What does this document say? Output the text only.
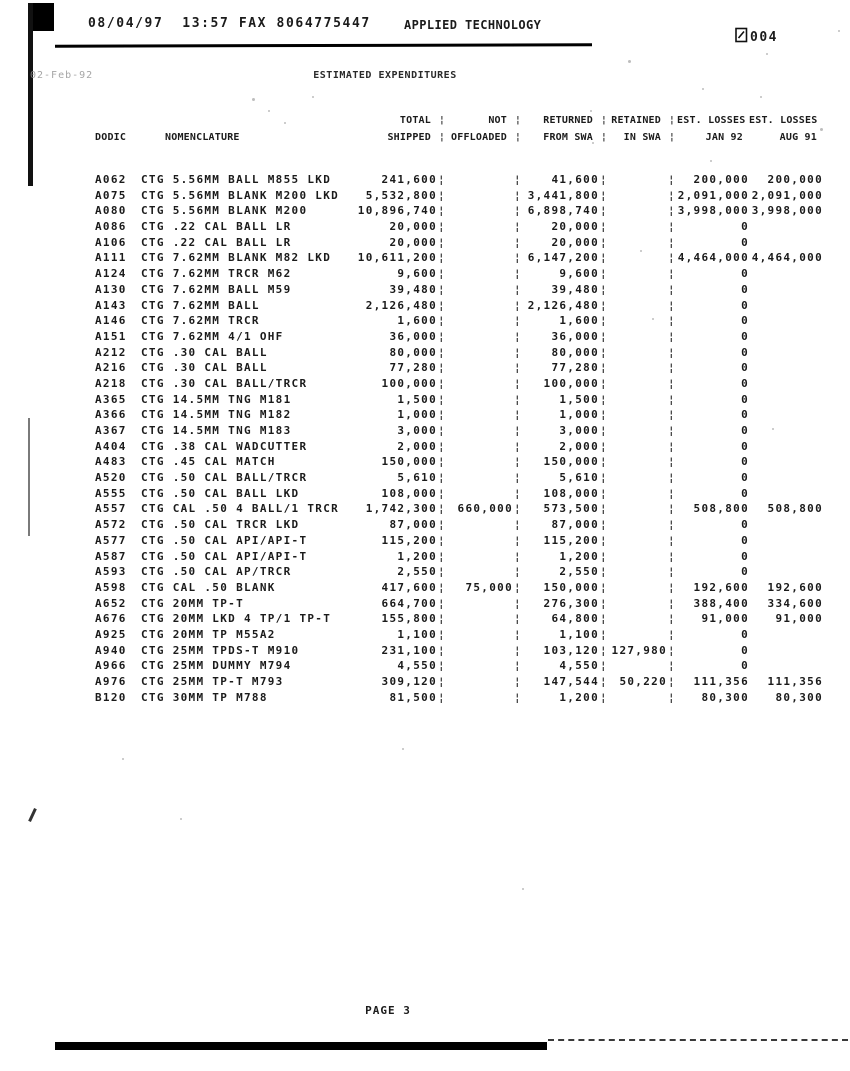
08/04/97  13:57 FAX 8064775447	APPLIED TECHNOLOGY
004
02-Feb-92	ESTIMATED EXPENDITURES
TOTAL ¦	NOT ¦	RETURNED ¦ RETAINED ¦ EST. LOSSES EST. LOSSES
DODIC	NOMENCLATURE	SHIPPED ¦ OFFLOADED ¦	FROM SWA ¦	IN SWA ¦	JAN 92	AUG 91
A062	CTG 5.56MM BALL M855 LKD	241,600 ¦	¦	41,600 ¦	¦	200,000	200,000
A075	CTG 5.56MM BLANK M200 LKD	5,532,800 ¦	¦ 3,441,800 ¦	¦ 2,091,000 2,091,000
A080	CTG 5.56MM BLANK M200	10,896,740 ¦	¦ 6,898,740 ¦	¦ 3,998,000 3,998,000
A086	CTG .22 CAL BALL LR	20,000 ¦	¦	20,000 ¦	¦	0
A106	CTG .22 CAL BALL LR	20,000 ¦	¦	20,000 ¦	¦	0
A111	CTG 7.62MM BLANK M82 LKD	10,611,200 ¦	¦ 6,147,200 ¦	¦ 4,464,000 4,464,000
A124	CTG 7.62MM TRCR M62	9,600 ¦	¦	9,600 ¦	¦	0
A130	CTG 7.62MM BALL M59	39,480 ¦	¦	39,480 ¦	¦	0
A143	CTG 7.62MM BALL	2,126,480 ¦	¦ 2,126,480 ¦	¦	0
A146	CTG 7.62MM TRCR	1,600 ¦	¦	1,600 ¦	¦	0
A151	CTG 7.62MM 4/1 OHF	36,000 ¦	¦	36,000 ¦	¦	0
A212	CTG .30 CAL BALL	80,000 ¦	¦	80,000 ¦	¦	0
A216	CTG .30 CAL BALL	77,280 ¦	¦	77,280 ¦	¦	0
A218	CTG .30 CAL BALL/TRCR	100,000 ¦	¦	100,000 ¦	¦	0
A365	CTG 14.5MM TNG M181	1,500 ¦	¦	1,500 ¦	¦	0
A366	CTG 14.5MM TNG M182	1,000 ¦	¦	1,000 ¦	¦	0
A367	CTG 14.5MM TNG M183	3,000 ¦	¦	3,000 ¦	¦	0
A404	CTG .38 CAL WADCUTTER	2,000 ¦	¦	2,000 ¦	¦	0
A483	CTG .45 CAL MATCH	150,000 ¦	¦	150,000 ¦	¦	0
A520	CTG .50 CAL BALL/TRCR	5,610 ¦	¦	5,610 ¦	¦	0
A555	CTG .50 CAL BALL LKD	108,000 ¦	¦	108,000 ¦	¦	0
A557	CTG CAL .50 4 BALL/1 TRCR	1,742,300 ¦	660,000 ¦	573,500 ¦	¦	508,800	508,800
A572	CTG .50 CAL TRCR LKD	87,000 ¦	¦	87,000 ¦	¦	0
A577	CTG .50 CAL API/API-T	115,200 ¦	¦	115,200 ¦	¦	0
A587	CTG .50 CAL API/API-T	1,200 ¦	¦	1,200 ¦	¦	0
A593	CTG .50 CAL AP/TRCR	2,550 ¦	¦	2,550 ¦	¦	0
A598	CTG CAL .50 BLANK	417,600 ¦	75,000 ¦	150,000 ¦	¦	192,600	192,600
A652	CTG 20MM TP-T	664,700 ¦	¦	276,300 ¦	¦	388,400	334,600
A676	CTG 20MM LKD 4 TP/1 TP-T	155,800 ¦	¦	64,800 ¦	¦	91,000	91,000
A925	CTG 20MM TP M55A2	1,100 ¦	¦	1,100 ¦	¦	0
A940	CTG 25MM TPDS-T M910	231,100 ¦	¦	103,120 ¦ 127,980 ¦	0
A966	CTG 25MM DUMMY M794	4,550 ¦	¦	4,550 ¦	¦	0
A976	CTG 25MM TP-T M793	309,120 ¦	¦	147,544 ¦	50,220 ¦	111,356	111,356
B120	CTG 30MM TP M788	81,500 ¦	¦	1,200 ¦	¦	80,300	80,300
PAGE 3
